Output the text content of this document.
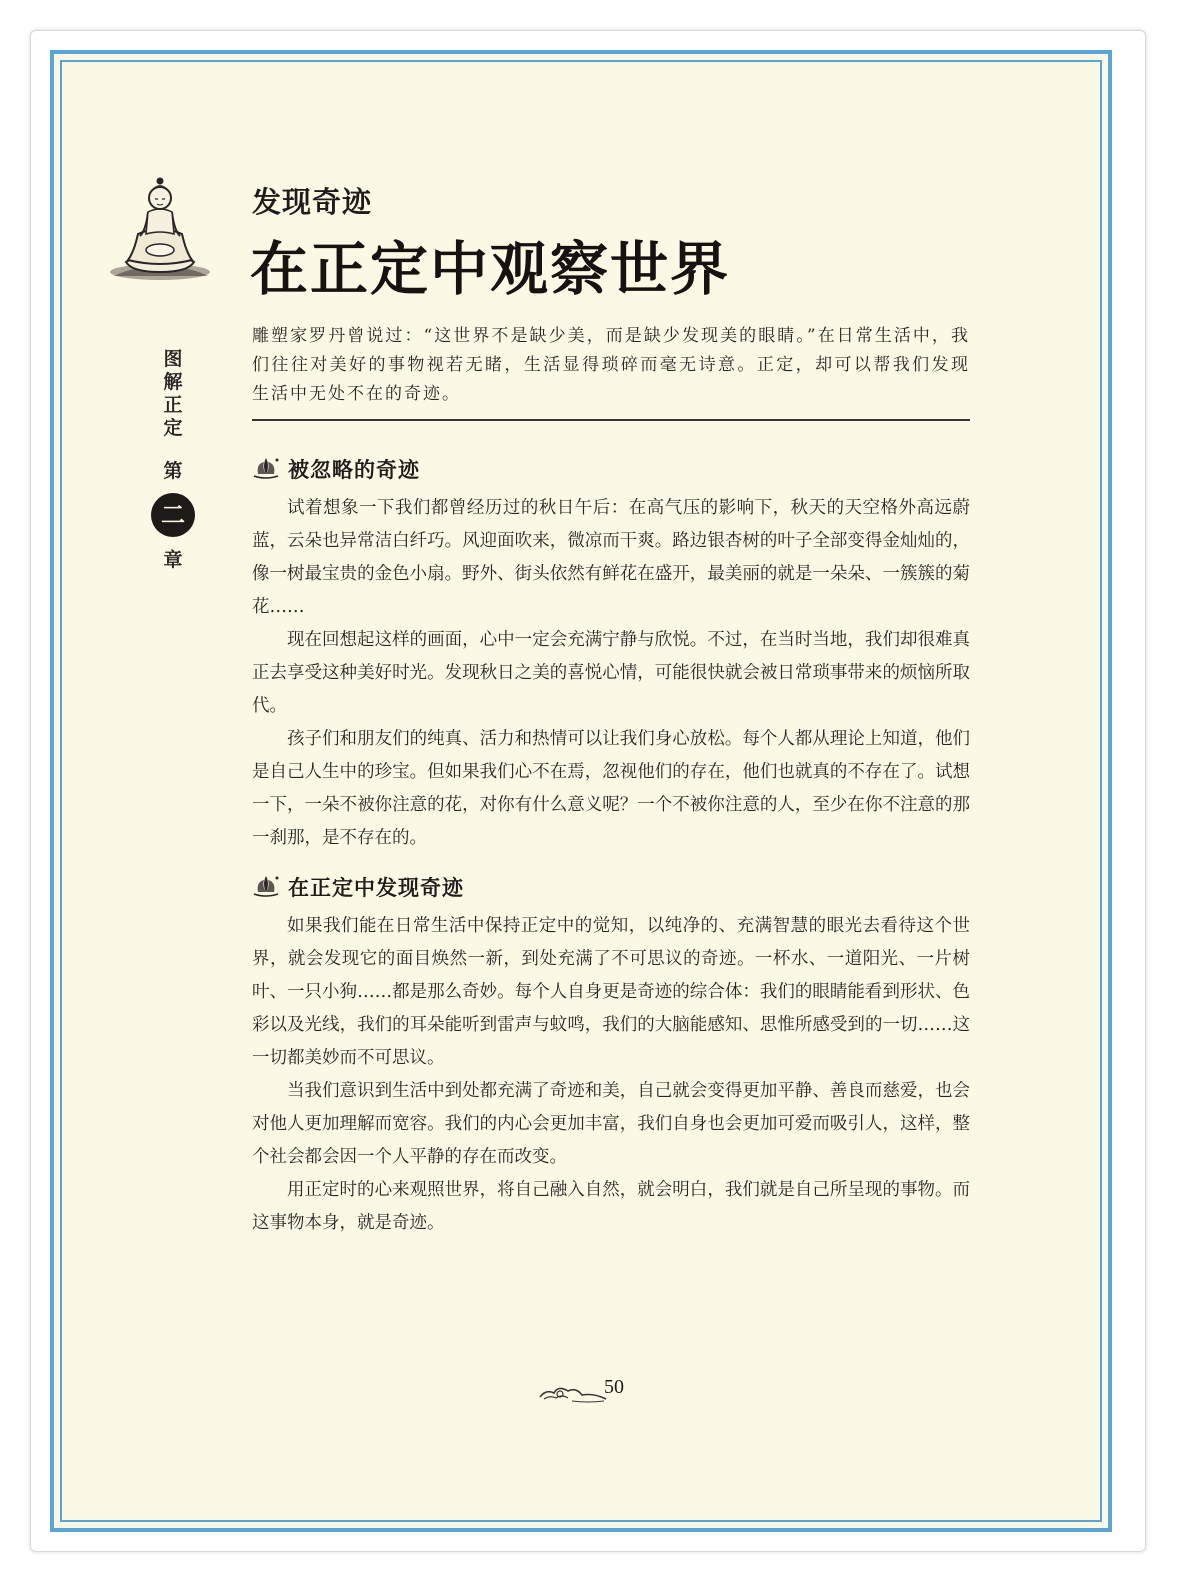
发现奇迹
在正定中观察世界
图解正定
第
二
章
雕塑家罗丹曾说过：“这世界不是缺少美，而是缺少发现美的眼睛。”在日常生活中，我们往往对美好的事物视若无睹，生活显得琐碎而毫无诗意。正定，却可以帮我们发现生活中无处不在的奇迹。
被忽略的奇迹

试着想象一下我们都曾经历过的秋日午后：在高气压的影响下，秋天的天空格外高远蔚蓝，云朵也异常洁白纤巧。风迎面吹来，微凉而干爽。路边银杏树的叶子全部变得金灿灿的，像一树最宝贵的金色小扇。野外、街头依然有鲜花在盛开，最美丽的就是一朵朵、一簇簇的菊花……

现在回想起这样的画面，心中一定会充满宁静与欣悦。不过，在当时当地，我们却很难真正去享受这种美好时光。发现秋日之美的喜悦心情，可能很快就会被日常琐事带来的烦恼所取代。

孩子们和朋友们的纯真、活力和热情可以让我们身心放松。每个人都从理论上知道，他们是自己人生中的珍宝。但如果我们心不在焉，忽视他们的存在，他们也就真的不存在了。试想一下，一朵不被你注意的花，对你有什么意义呢？一个不被你注意的人，至少在你不注意的那一刹那，是不存在的。

在正定中发现奇迹

如果我们能在日常生活中保持正定中的觉知，以纯净的、充满智慧的眼光去看待这个世界，就会发现它的面目焕然一新，到处充满了不可思议的奇迹。一杯水、一道阳光、一片树叶、一只小狗……都是那么奇妙。每个人自身更是奇迹的综合体：我们的眼睛能看到形状、色彩以及光线，我们的耳朵能听到雷声与蚊鸣，我们的大脑能感知、思惟所感受到的一切……这一切都美妙而不可思议。

当我们意识到生活中到处都充满了奇迹和美，自己就会变得更加平静、善良而慈爱，也会对他人更加理解而宽容。我们的内心会更加丰富，我们自身也会更加可爱而吸引人，这样，整个社会都会因一个人平静的存在而改变。

用正定时的心来观照世界，将自己融入自然，就会明白，我们就是自己所呈现的事物。而这事物本身，就是奇迹。

50
